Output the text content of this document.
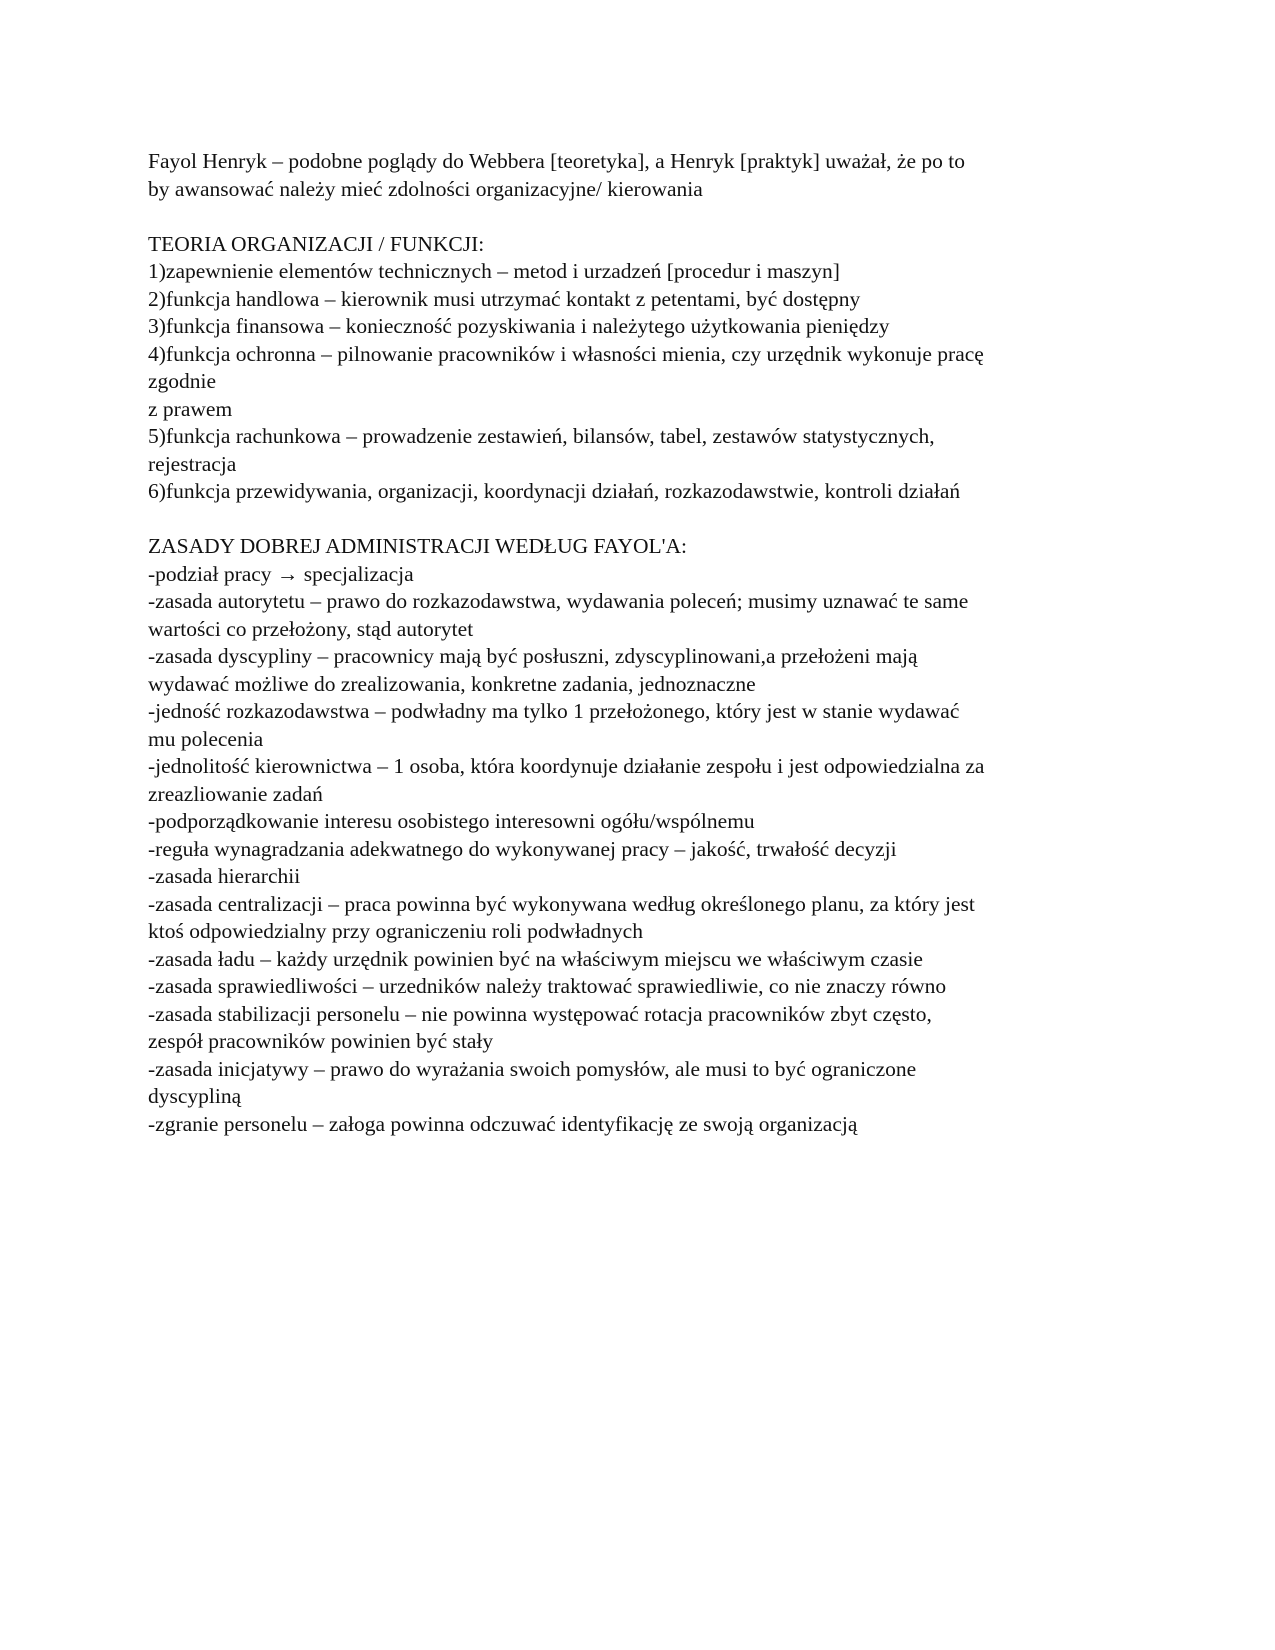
Fayol Henryk – podobne poglądy do Webbera [teoretyka], a Henryk [praktyk] uważał, że po to
by awansować należy mieć zdolności organizacyjne/ kierowania
TEORIA ORGANIZACJI / FUNKCJI:
1)zapewnienie elementów technicznych – metod i urzadzeń [procedur i maszyn]
2)funkcja handlowa – kierownik musi utrzymać kontakt z petentami, być dostępny
3)funkcja finansowa – konieczność pozyskiwania i należytego użytkowania pieniędzy
4)funkcja ochronna – pilnowanie pracowników i własności mienia, czy urzędnik wykonuje pracę
zgodnie
z prawem
5)funkcja rachunkowa – prowadzenie zestawień, bilansów, tabel, zestawów statystycznych,
rejestracja
6)funkcja przewidywania, organizacji, koordynacji działań, rozkazodawstwie, kontroli działań
ZASADY DOBREJ ADMINISTRACJI WEDŁUG FAYOL'A:
-podział pracy → specjalizacja
-zasada autorytetu – prawo do rozkazodawstwa, wydawania poleceń; musimy uznawać te same
wartości co przełożony, stąd autorytet
-zasada dyscypliny – pracownicy mają być posłuszni, zdyscyplinowani,a przełożeni mają
wydawać możliwe do zrealizowania, konkretne zadania, jednoznaczne
-jedność rozkazodawstwa – podwładny ma tylko 1 przełożonego, który jest w stanie wydawać
mu polecenia
-jednolitość kierownictwa – 1 osoba, która koordynuje działanie zespołu i jest odpowiedzialna za
zreazliowanie zadań
-podporządkowanie interesu osobistego interesowni ogółu/wspólnemu
-reguła wynagradzania adekwatnego do wykonywanej pracy – jakość, trwałość decyzji
-zasada hierarchii
-zasada centralizacji – praca powinna być wykonywana według określonego planu, za który jest
ktoś odpowiedzialny przy ograniczeniu roli podwładnych
-zasada ładu – każdy urzędnik powinien być na właściwym miejscu we właściwym czasie
-zasada sprawiedliwości – urzedników należy traktować sprawiedliwie, co nie znaczy równo
-zasada stabilizacji personelu – nie powinna występować rotacja pracowników zbyt często,
zespół pracowników powinien być stały
-zasada inicjatywy – prawo do wyrażania swoich pomysłów, ale musi to być ograniczone
dyscypliną
-zgranie personelu – załoga powinna odczuwać identyfikację ze swoją organizacją
